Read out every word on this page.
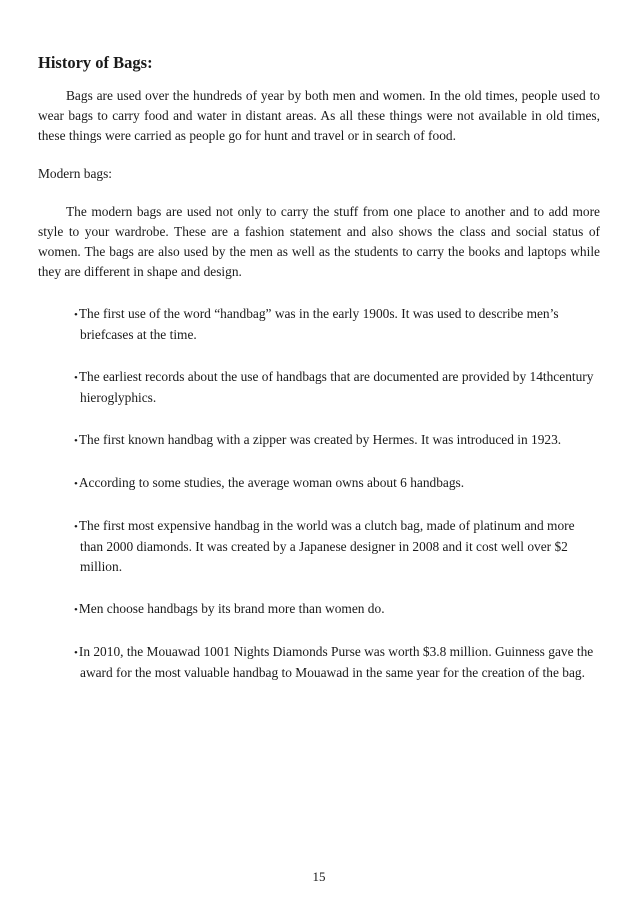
History of Bags:

Bags are used over the hundreds of year by both men and women. In the old times, people used to wear bags to carry food and water in distant areas. As all these things were not available in old times, these things were carried as people go for hunt and travel or in search of food.

Modern bags:

The modern bags are used not only to carry the stuff from one place to another and to add more style to your wardrobe. These are a fashion statement and also shows the class and social status of women. The bags are also used by the men as well as the students to carry the books and laptops while they are different in shape and design.

•The first use of the word “handbag” was in the early 1900s. It was used to describe men’s briefcases at the time.
•The earliest records about the use of handbags that are documented are provided by 14thcentury hieroglyphics.
•The first known handbag with a zipper was created by Hermes. It was introduced in 1923.
•According to some studies, the average woman owns about 6 handbags.
•The first most expensive handbag in the world was a clutch bag, made of platinum and more than 2000 diamonds. It was created by a Japanese designer in 2008 and it cost well over $2 million.
•Men choose handbags by its brand more than women do.
•In 2010, the Mouawad 1001 Nights Diamonds Purse was worth $3.8 million. Guinness gave the award for the most valuable handbag to Mouawad in the same year for the creation of the bag.
15
